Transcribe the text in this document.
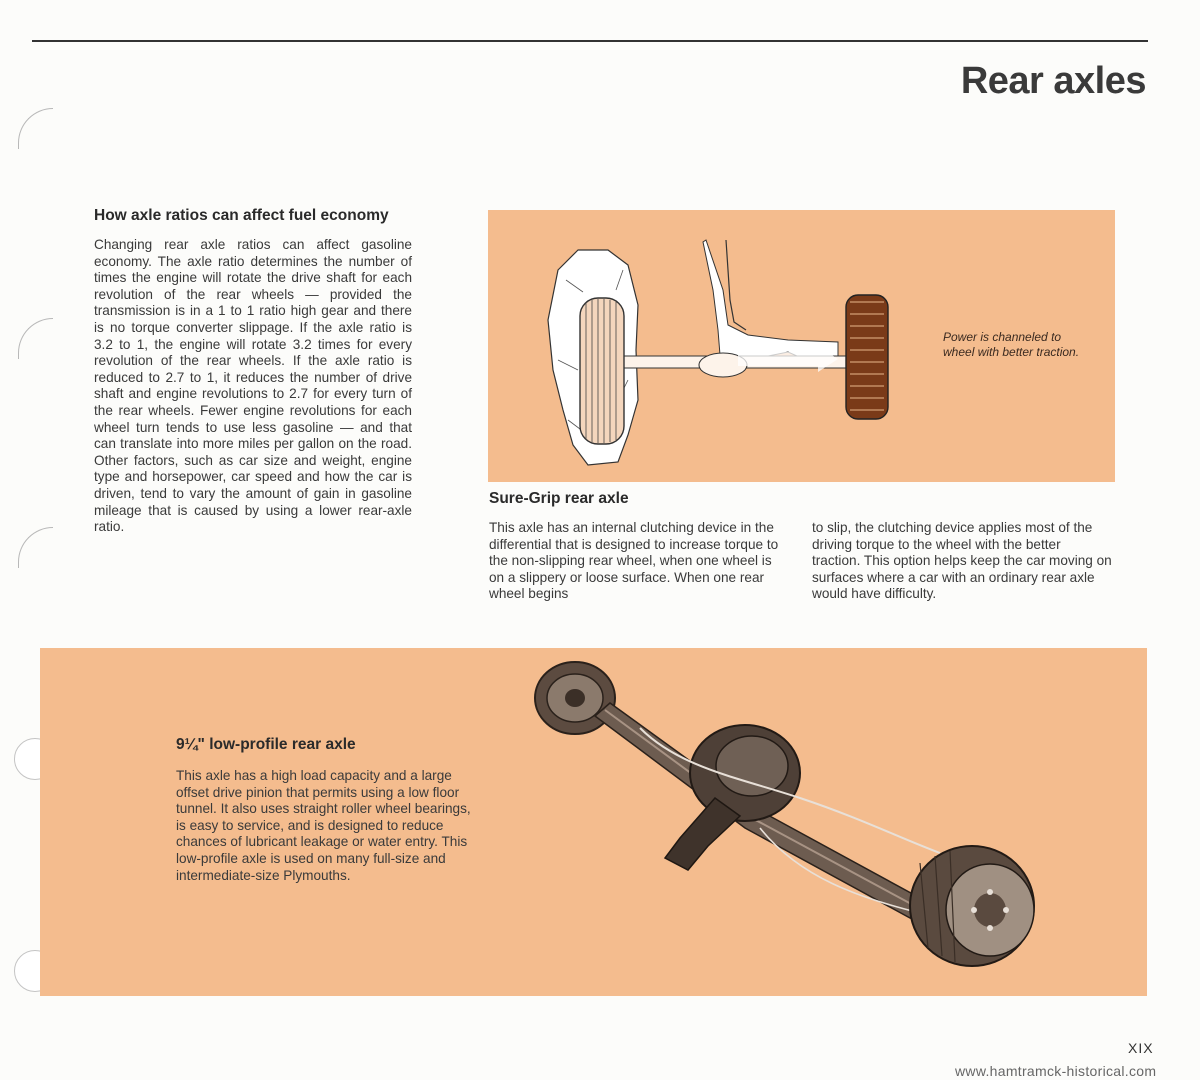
Rear axles
How axle ratios can affect fuel economy

Changing rear axle ratios can affect gasoline economy. The axle ratio determines the number of times the engine will rotate the drive shaft for each revolution of the rear wheels — provided the transmission is in a 1 to 1 ratio high gear and there is no torque converter slippage. If the axle ratio is 3.2 to 1, the engine will rotate 3.2 times for every revolution of the rear wheels. If the axle ratio is reduced to 2.7 to 1, it reduces the number of drive shaft and engine revolutions to 2.7 for every turn of the rear wheels. Fewer engine revolutions for each wheel turn tends to use less gasoline — and that can translate into more miles per gallon on the road. Other factors, such as car size and weight, engine type and horsepower, car speed and how the car is driven, tend to vary the amount of gain in gasoline mileage that is caused by using a lower rear-axle ratio.

Power is channeled to wheel with better traction.
Sure-Grip rear axle

This axle has an internal clutching device in the differential that is designed to increase torque to the non-slipping rear wheel, when one wheel is on a slippery or loose surface. When one rear wheel begins

to slip, the clutching device applies most of the driving torque to the wheel with the better traction. This option helps keep the car moving on surfaces where a car with an ordinary rear axle would have difficulty.

9¼" low-profile rear axle

This axle has a high load capacity and a large offset drive pinion that permits using a low floor tunnel. It also uses straight roller wheel bearings, is easy to service, and is designed to reduce chances of lubricant leakage or water entry. This low-profile axle is used on many full-size and intermediate-size Plymouths.

XIX
www.hamtramck-historical.com
